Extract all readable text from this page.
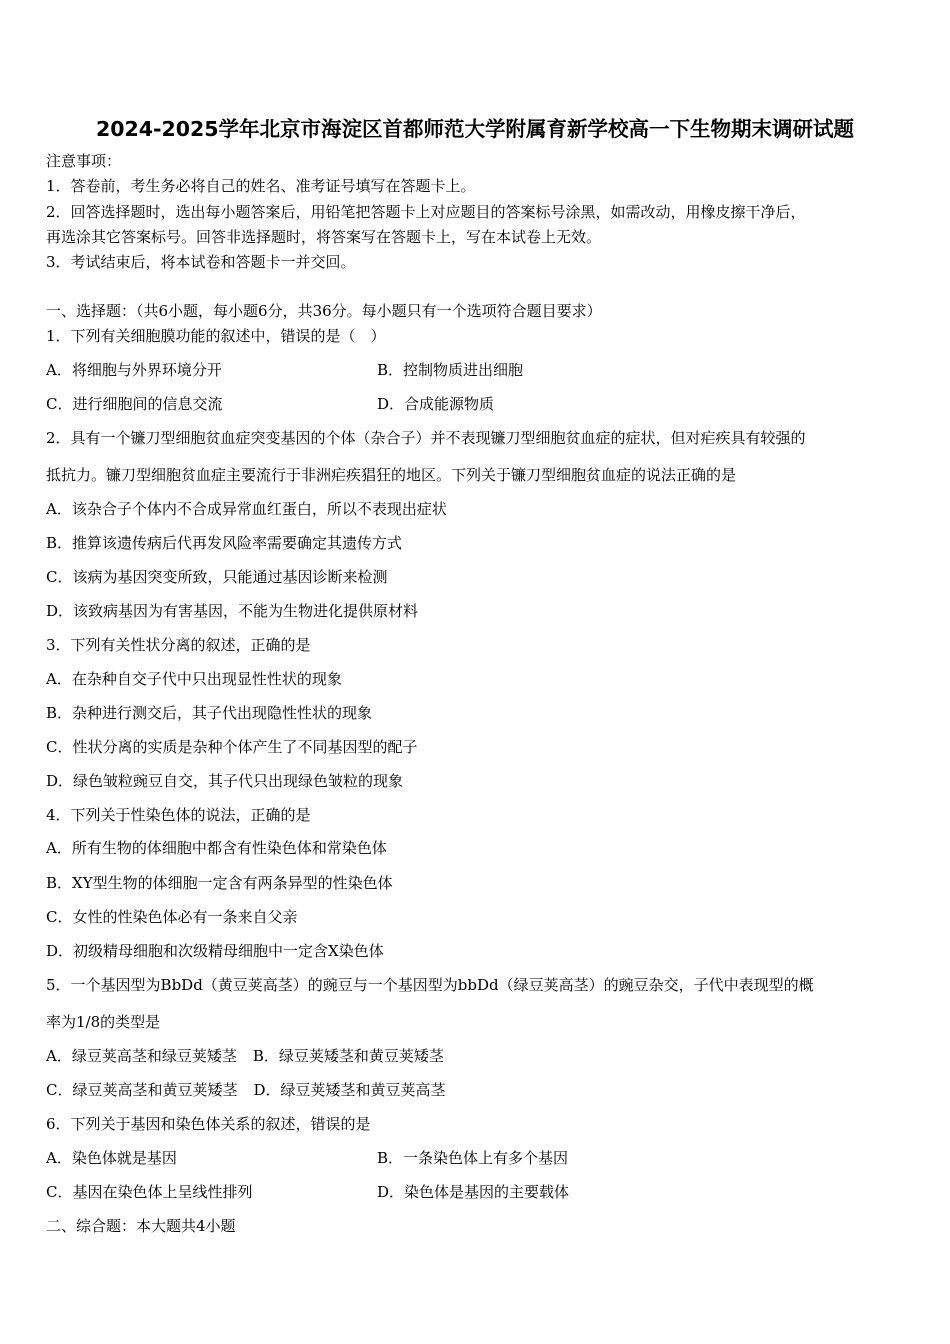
2024-2025学年北京市海淀区首都师范大学附属育新学校高一下生物期末调研试题
注意事项：
1．答卷前，考生务必将自己的姓名、准考证号填写在答题卡上。
2．回答选择题时，选出每小题答案后，用铅笔把答题卡上对应题目的答案标号涂黑，如需改动，用橡皮擦干净后，
再选涂其它答案标号。回答非选择题时，将答案写在答题卡上，写在本试卷上无效。
3．考试结束后，将本试卷和答题卡一并交回。
一、选择题：（共6小题，每小题6分，共36分。每小题只有一个选项符合题目要求）
1．下列有关细胞膜功能的叙述中，错误的是（　）
A．将细胞与外界环境分开	B．控制物质进出细胞
C．进行细胞间的信息交流	D．合成能源物质
2．具有一个镰刀型细胞贫血症突变基因的个体（杂合子）并不表现镰刀型细胞贫血症的症状，但对疟疾具有较强的
抵抗力。镰刀型细胞贫血症主要流行于非洲疟疾猖狂的地区。下列关于镰刀型细胞贫血症的说法正确的是
A．该杂合子个体内不合成异常血红蛋白，所以不表现出症状
B．推算该遗传病后代再发风险率需要确定其遗传方式
C．该病为基因突变所致，只能通过基因诊断来检测
D．该致病基因为有害基因，不能为生物进化提供原材料
3．下列有关性状分离的叙述，正确的是
A．在杂种自交子代中只出现显性性状的现象
B．杂种进行测交后，其子代出现隐性性状的现象
C．性状分离的实质是杂种个体产生了不同基因型的配子
D．绿色皱粒豌豆自交，其子代只出现绿色皱粒的现象
4．下列关于性染色体的说法，正确的是
A．所有生物的体细胞中都含有性染色体和常染色体
B．XY型生物的体细胞一定含有两条异型的性染色体
C．女性的性染色体必有一条来自父亲
D．初级精母细胞和次级精母细胞中一定含X染色体
5．一个基因型为BbDd（黄豆荚高茎）的豌豆与一个基因型为bbDd（绿豆荚高茎）的豌豆杂交，子代中表现型的概
率为1/8的类型是
A．绿豆荚高茎和绿豆荚矮茎 B．绿豆荚矮茎和黄豆荚矮茎
C．绿豆荚高茎和黄豆荚矮茎 D．绿豆荚矮茎和黄豆荚高茎
6．下列关于基因和染色体关系的叙述，错误的是
A．染色体就是基因	B．一条染色体上有多个基因
C．基因在染色体上呈线性排列	D．染色体是基因的主要载体
二、综合题：本大题共4小题
